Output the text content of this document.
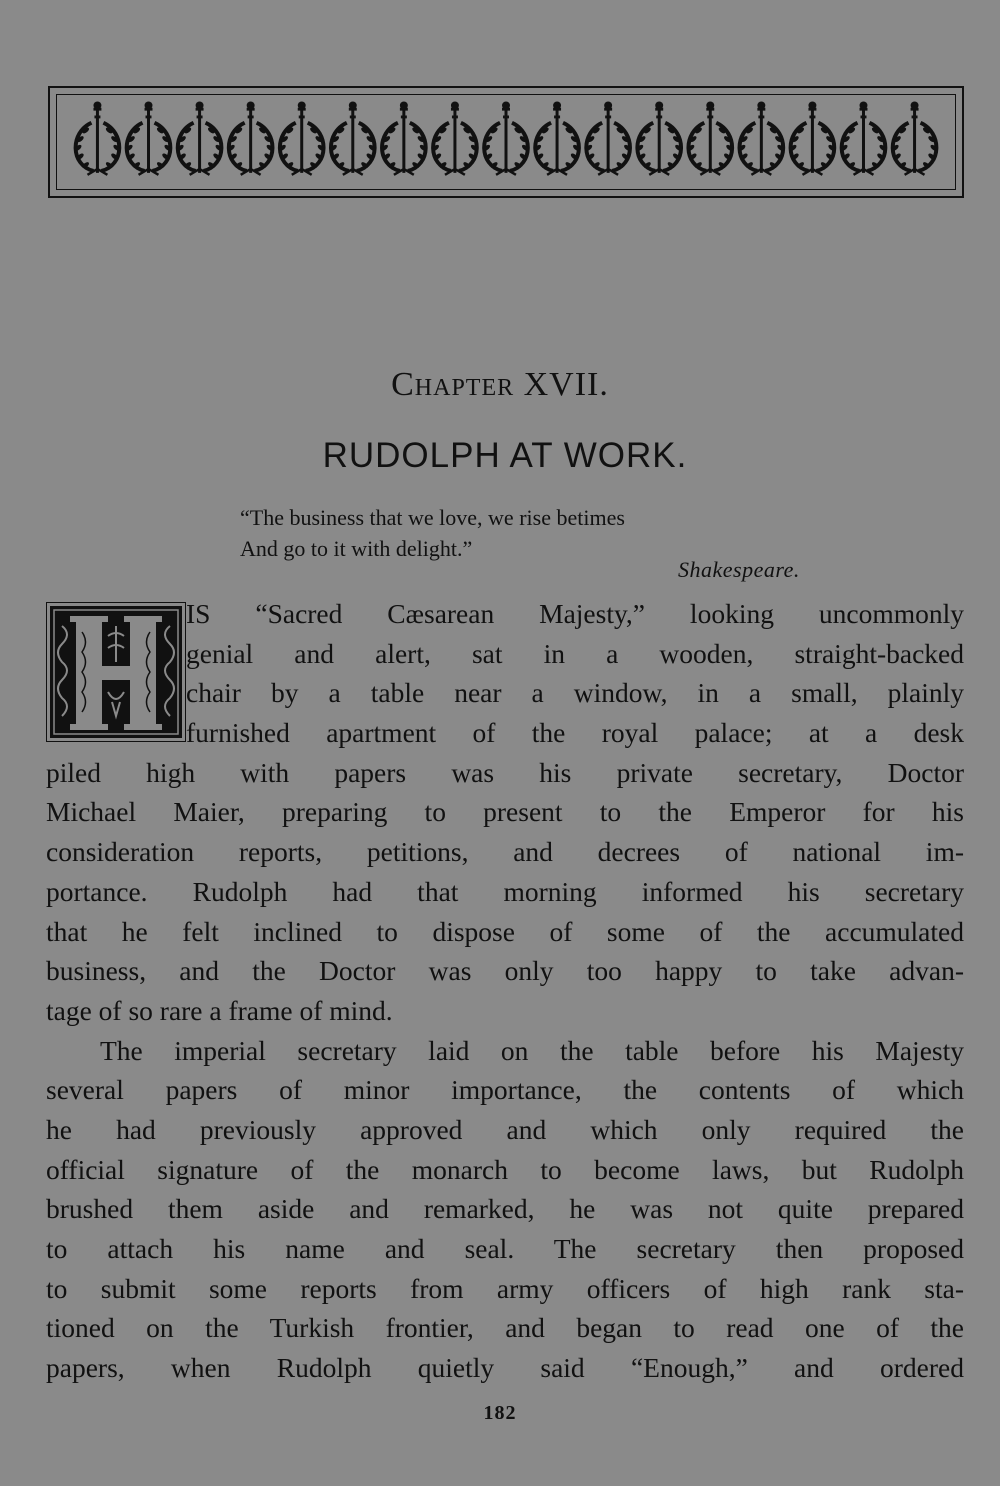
Chapter XVII.
RUDOLPH AT WORK.
“The business that we love, we rise betimes
And go to it with delight.”
Shakespeare.
IS “Sacred Cæsarean Majesty,” looking uncommonly
genial and alert, sat in a wooden, straight-backed
chair by a table near a window, in a small, plainly
furnished apartment of the royal palace; at a desk
piled high with papers was his private secretary, Doctor
Michael Maier, preparing to present to the Emperor for his
consideration reports, petitions, and decrees of national im-
portance. Rudolph had that morning informed his secretary
that he felt inclined to dispose of some of the accumulated
business, and the Doctor was only too happy to take advan-
tage of so rare a frame of mind.
The imperial secretary laid on the table before his Majesty
several papers of minor importance, the contents of which
he had previously approved and which only required the
official signature of the monarch to become laws, but Rudolph
brushed them aside and remarked, he was not quite prepared
to attach his name and seal. The secretary then proposed
to submit some reports from army officers of high rank sta-
tioned on the Turkish frontier, and began to read one of the
papers, when Rudolph quietly said “Enough,” and ordered
182
